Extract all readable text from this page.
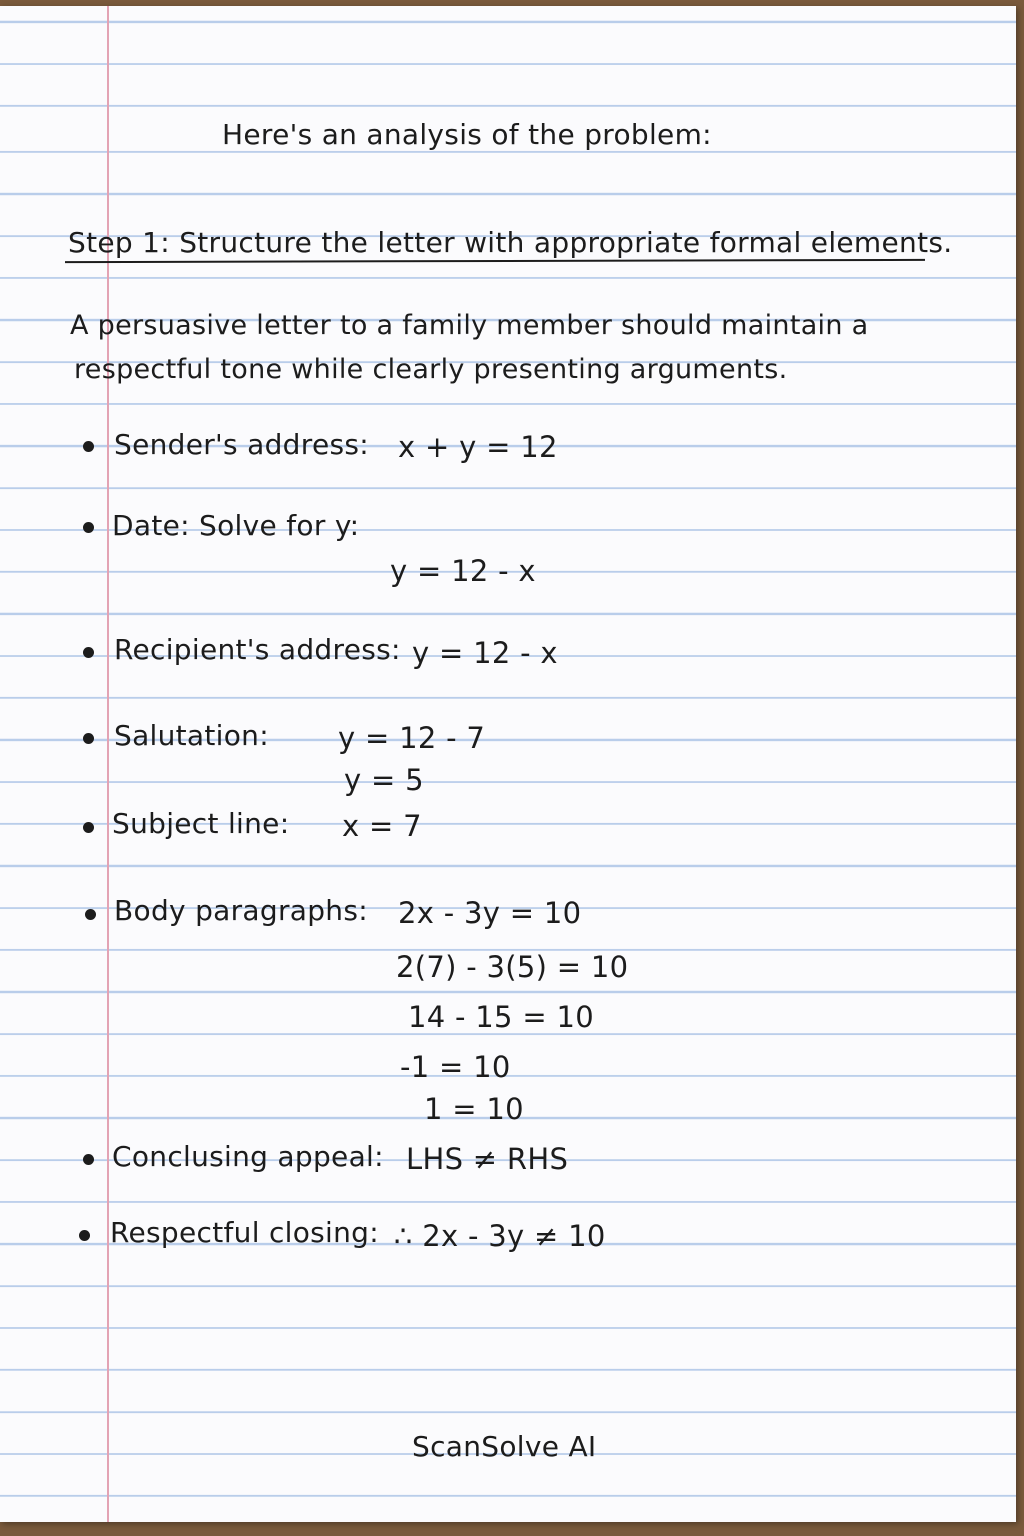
Here's an analysis of the problem:
Step 1: Structure the letter with appropriate formal elements.
A persuasive letter to a family member should maintain a
respectful tone while clearly presenting arguments.
Sender's address: x + y = 12
Date: Solve for y:
y = 12 - x
Recipient's address: y = 12 - x
Salutation: y = 12 - 7
y = 5
Subject line: x = 7
Body paragraphs: 2x - 3y = 10
2(7) - 3(5) = 10
14 - 15 = 10
-1 = 10
1 = 10
Conclusing appeal: LHS ≠ RHS
Respectful closing: ∴ 2x - 3y ≠ 10
ScanSolve AI
